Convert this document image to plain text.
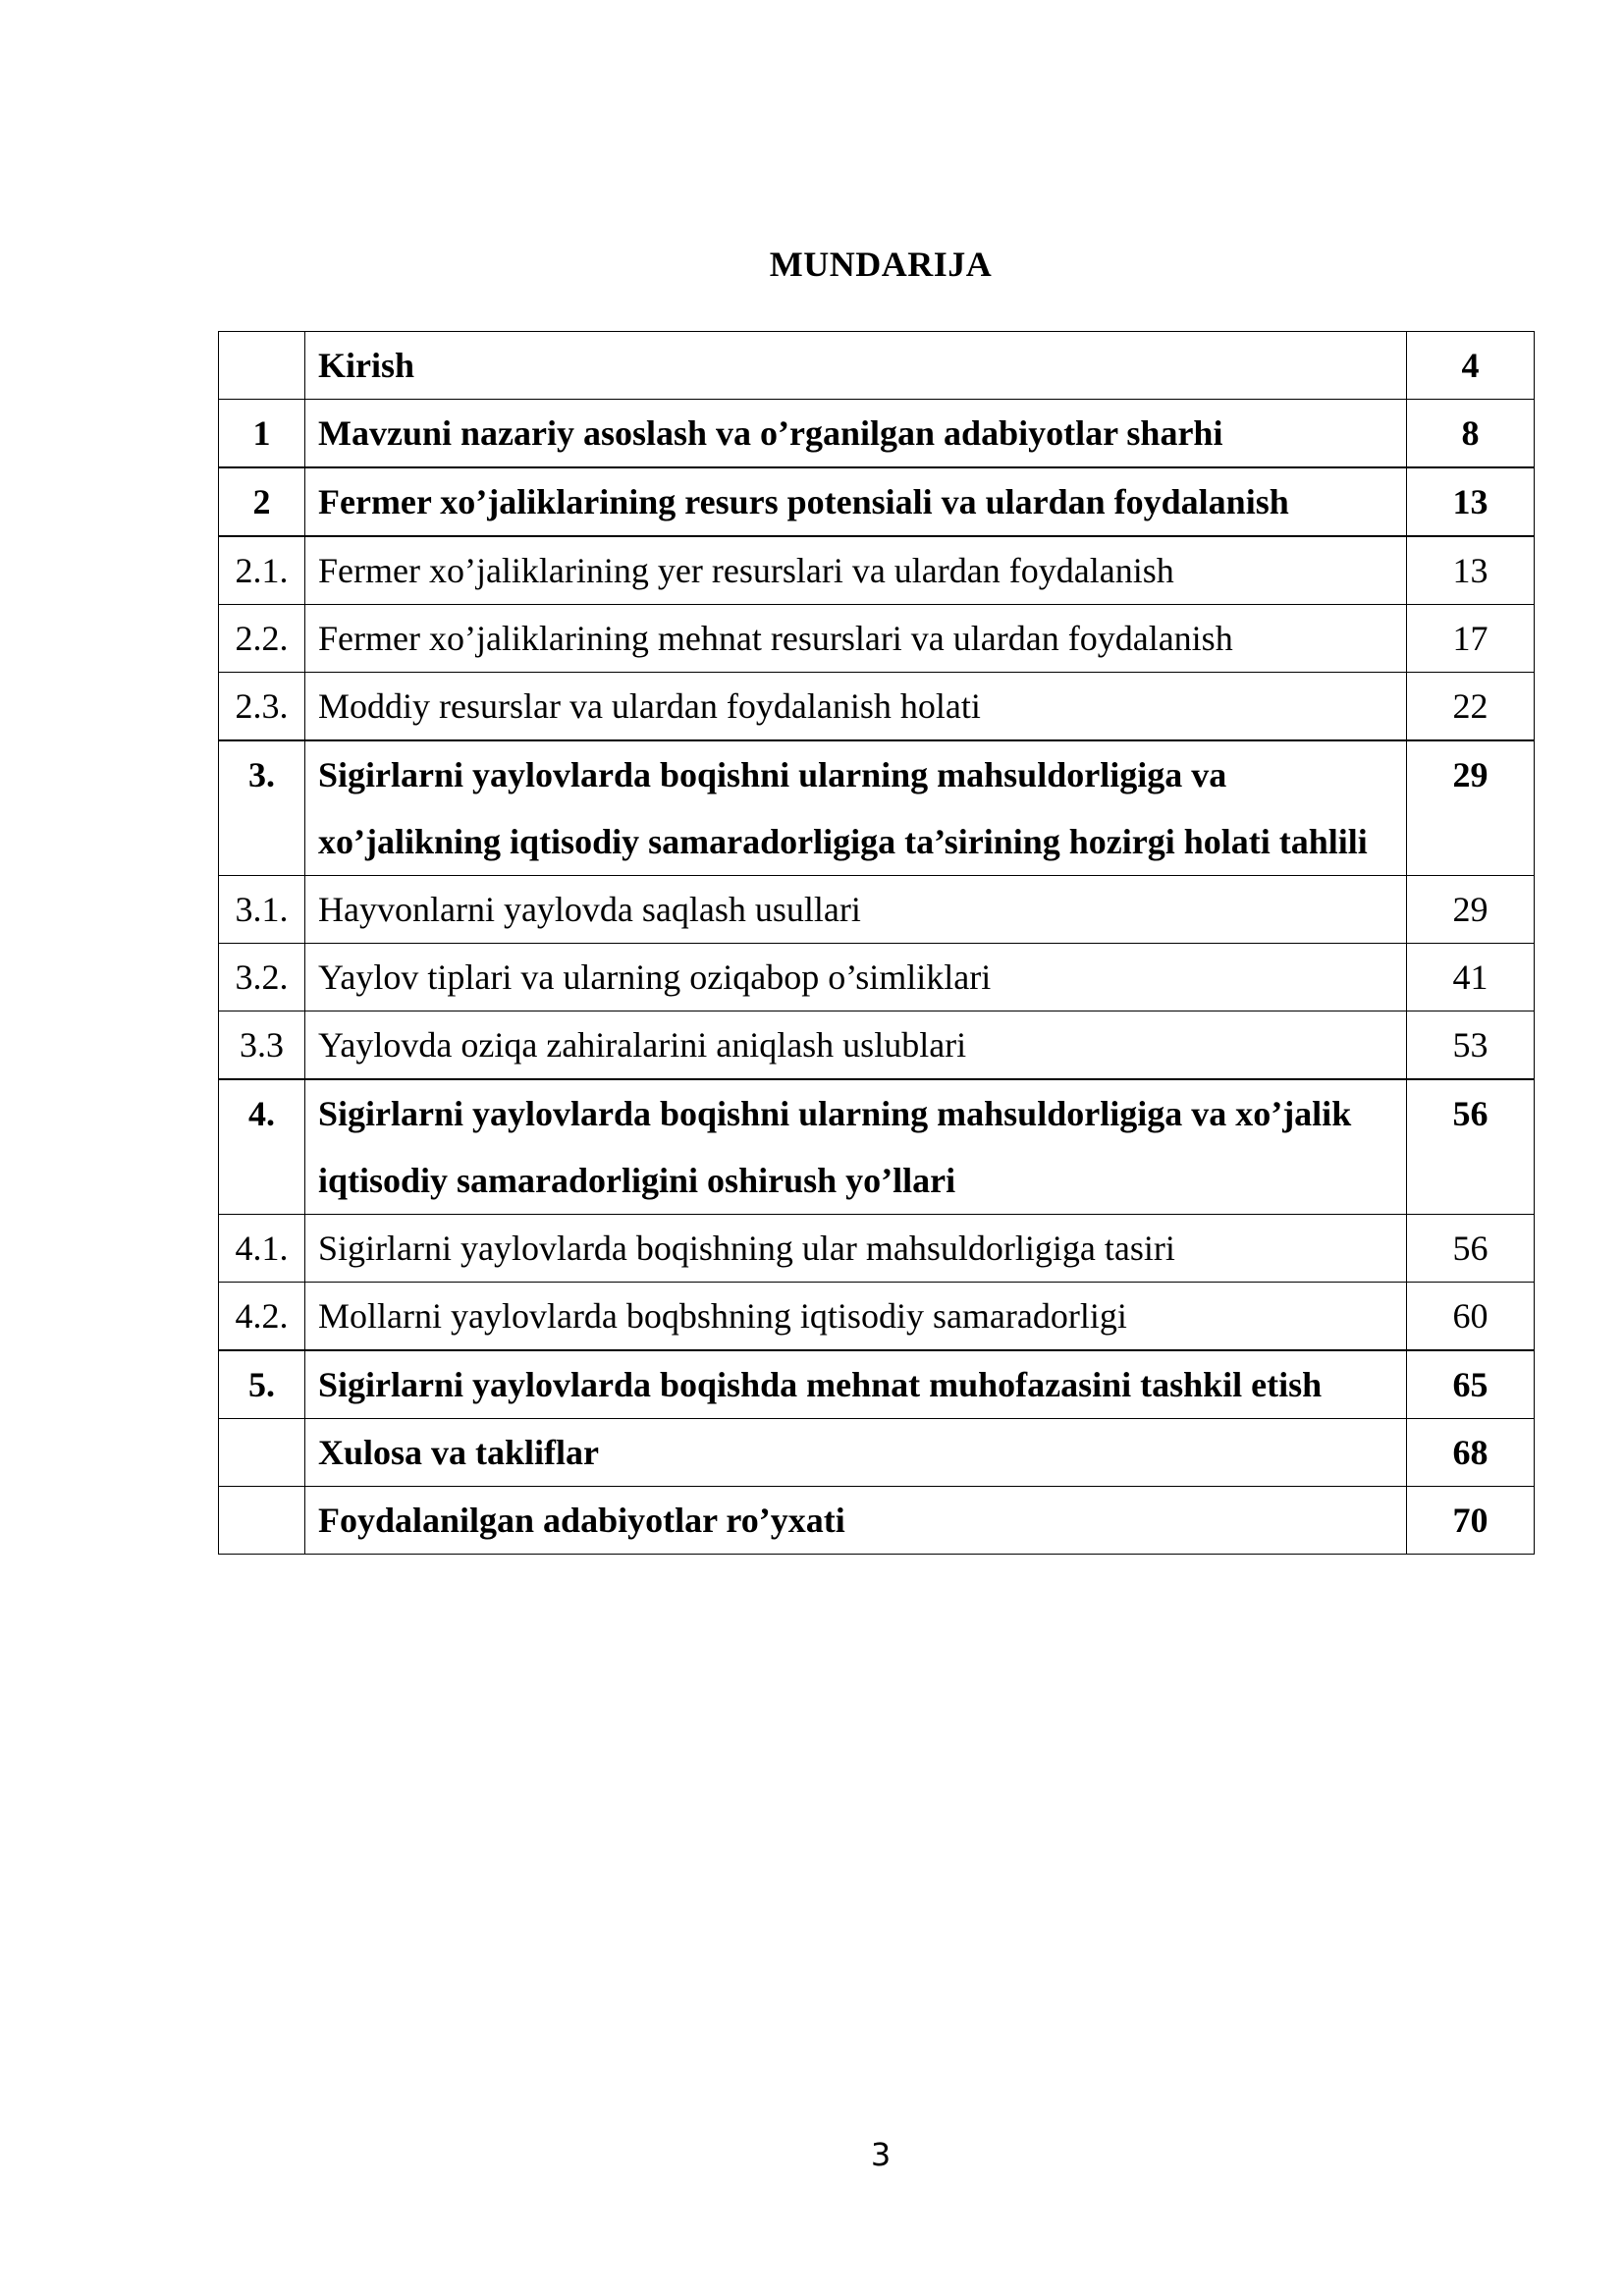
MUNDARIJA
	Kirish	4
1	Mavzuni nazariy asoslash va o’rganilgan adabiyotlar sharhi	8
2	Fermer xo’jaliklarining resurs potensiali va ulardan foydalanish	13
2.1.	Fermer xo’jaliklarining yer resurslari va ulardan foydalanish	13
2.2.	Fermer xo’jaliklarining mehnat resurslari va ulardan foydalanish	17
2.3.	Moddiy resurslar va ulardan foydalanish holati	22
3.	Sigirlarni yaylovlarda boqishni ularning mahsuldorligiga va xo’jalikning iqtisodiy samaradorligiga ta’sirining hozirgi holati tahlili	29
3.1.	Hayvonlarni yaylovda saqlash usullari	29
3.2.	Yaylov tiplari va ularning oziqabop o’simliklari	41
3.3	Yaylovda oziqa zahiralarini aniqlash uslublari	53
4.	Sigirlarni yaylovlarda boqishni ularning mahsuldorligiga va xo’jalik iqtisodiy samaradorligini oshirush yo’llari	56
4.1.	Sigirlarni yaylovlarda boqishning ular mahsuldorligiga tasiri	56
4.2.	Mollarni yaylovlarda boqbshning iqtisodiy samaradorligi	60
5.	Sigirlarni yaylovlarda boqishda mehnat muhofazasini tashkil etish	65
	Xulosa va takliflar	68
	Foydalanilgan adabiyotlar ro’yxati	70
3
